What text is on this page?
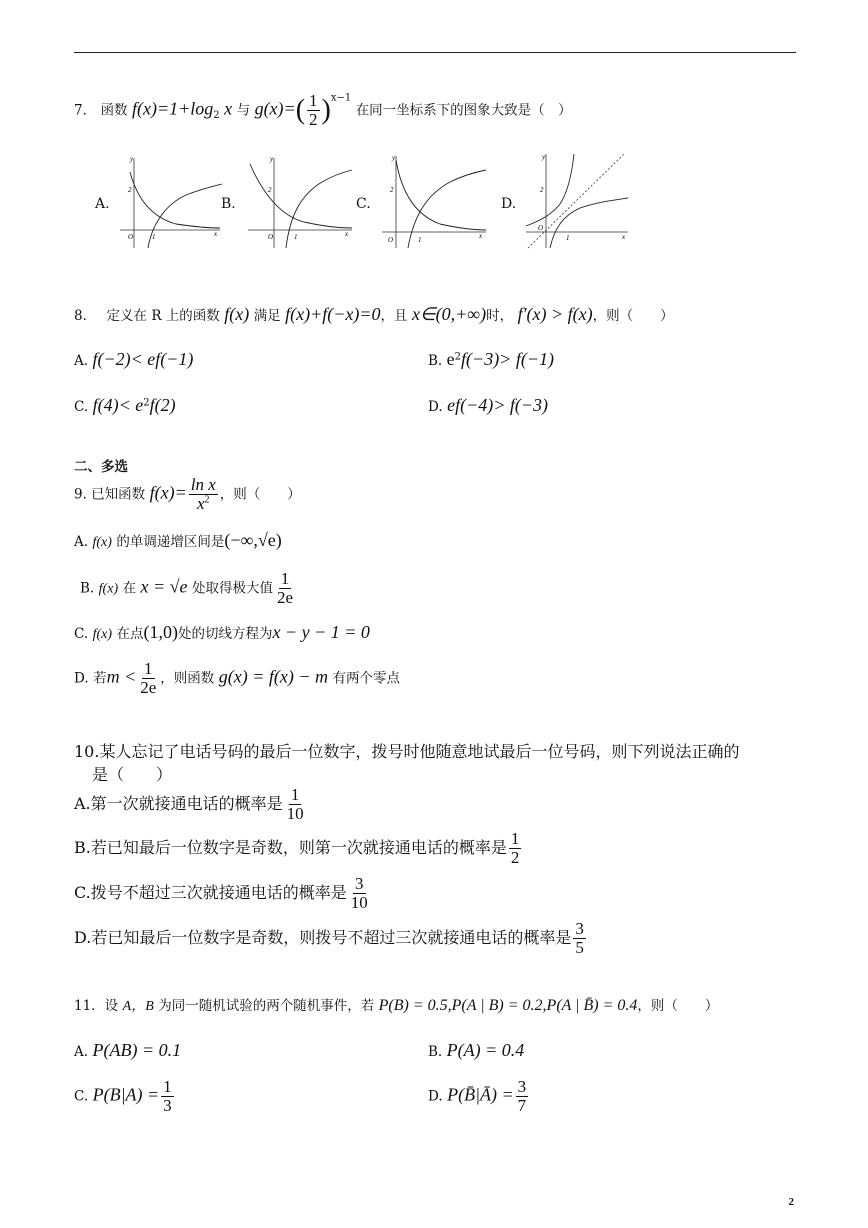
7． 函数 $f(x)=1+\log_2$ x 与 $g(x)=( \frac{1}{2} )^{x-1}$ 在同一坐标系下的图象大致是（　）
A.
y
x
O
2
1
B.
y
x
O
2
1
C.
y
x
O
2
1
D.
y
x
O
2
1
8． 定义在 R 上的函数 f(x) 满足 f(x)+f(−x)=0，且 x∈(0,+∞)时， f′(x) > f(x)，则（　　）
A. f(−2)< ef(−1)	B. $e^2f(-3)> f(-1)$
C. $f(4)< e^2f(2)$	D. ef(−4)> f(−3)
二、多选
9. 已知函数 $f(x)= \frac{\text{ln x}}{x^2}$ ，则（　　）
A. f(x) 的单调递增区间是(−∞,√e)
B. f(x) 在 x = √e 处取得极大值 $\frac{1}{2e}$
C. f(x) 在点(1,0)处的切线方程为x − y − 1 = 0
D. 若$m < \frac{1}{2e}$ ，则函数 g(x) = f(x) − m 有两个零点
10.某人忘记了电话号码的最后一位数字，拨号时他随意地试最后一位号码，则下列说法正确的
是（　　）
A.第一次就接通电话的概率是 $\frac{1}{10}$
B.若已知最后一位数字是奇数，则第一次就接通电话的概率是 $\frac{1}{2}$
C.拨号不超过三次就接通电话的概率是 $\frac{3}{10}$
D.若已知最后一位数字是奇数，则拨号不超过三次就接通电话的概率是 $\frac{3}{5}$
11．设 A，B 为同一随机试验的两个随机事件，若 P(B) = 0.5,P(A | B) = 0.2,P(A | B̄) = 0.4，则（　　）
A. P(AB) = 0.1	B. P(A) = 0.4
C. $P(B|A) = \frac{1}{3}$	D. P(B̄|Ā) = $\frac{3}{7}$
2
